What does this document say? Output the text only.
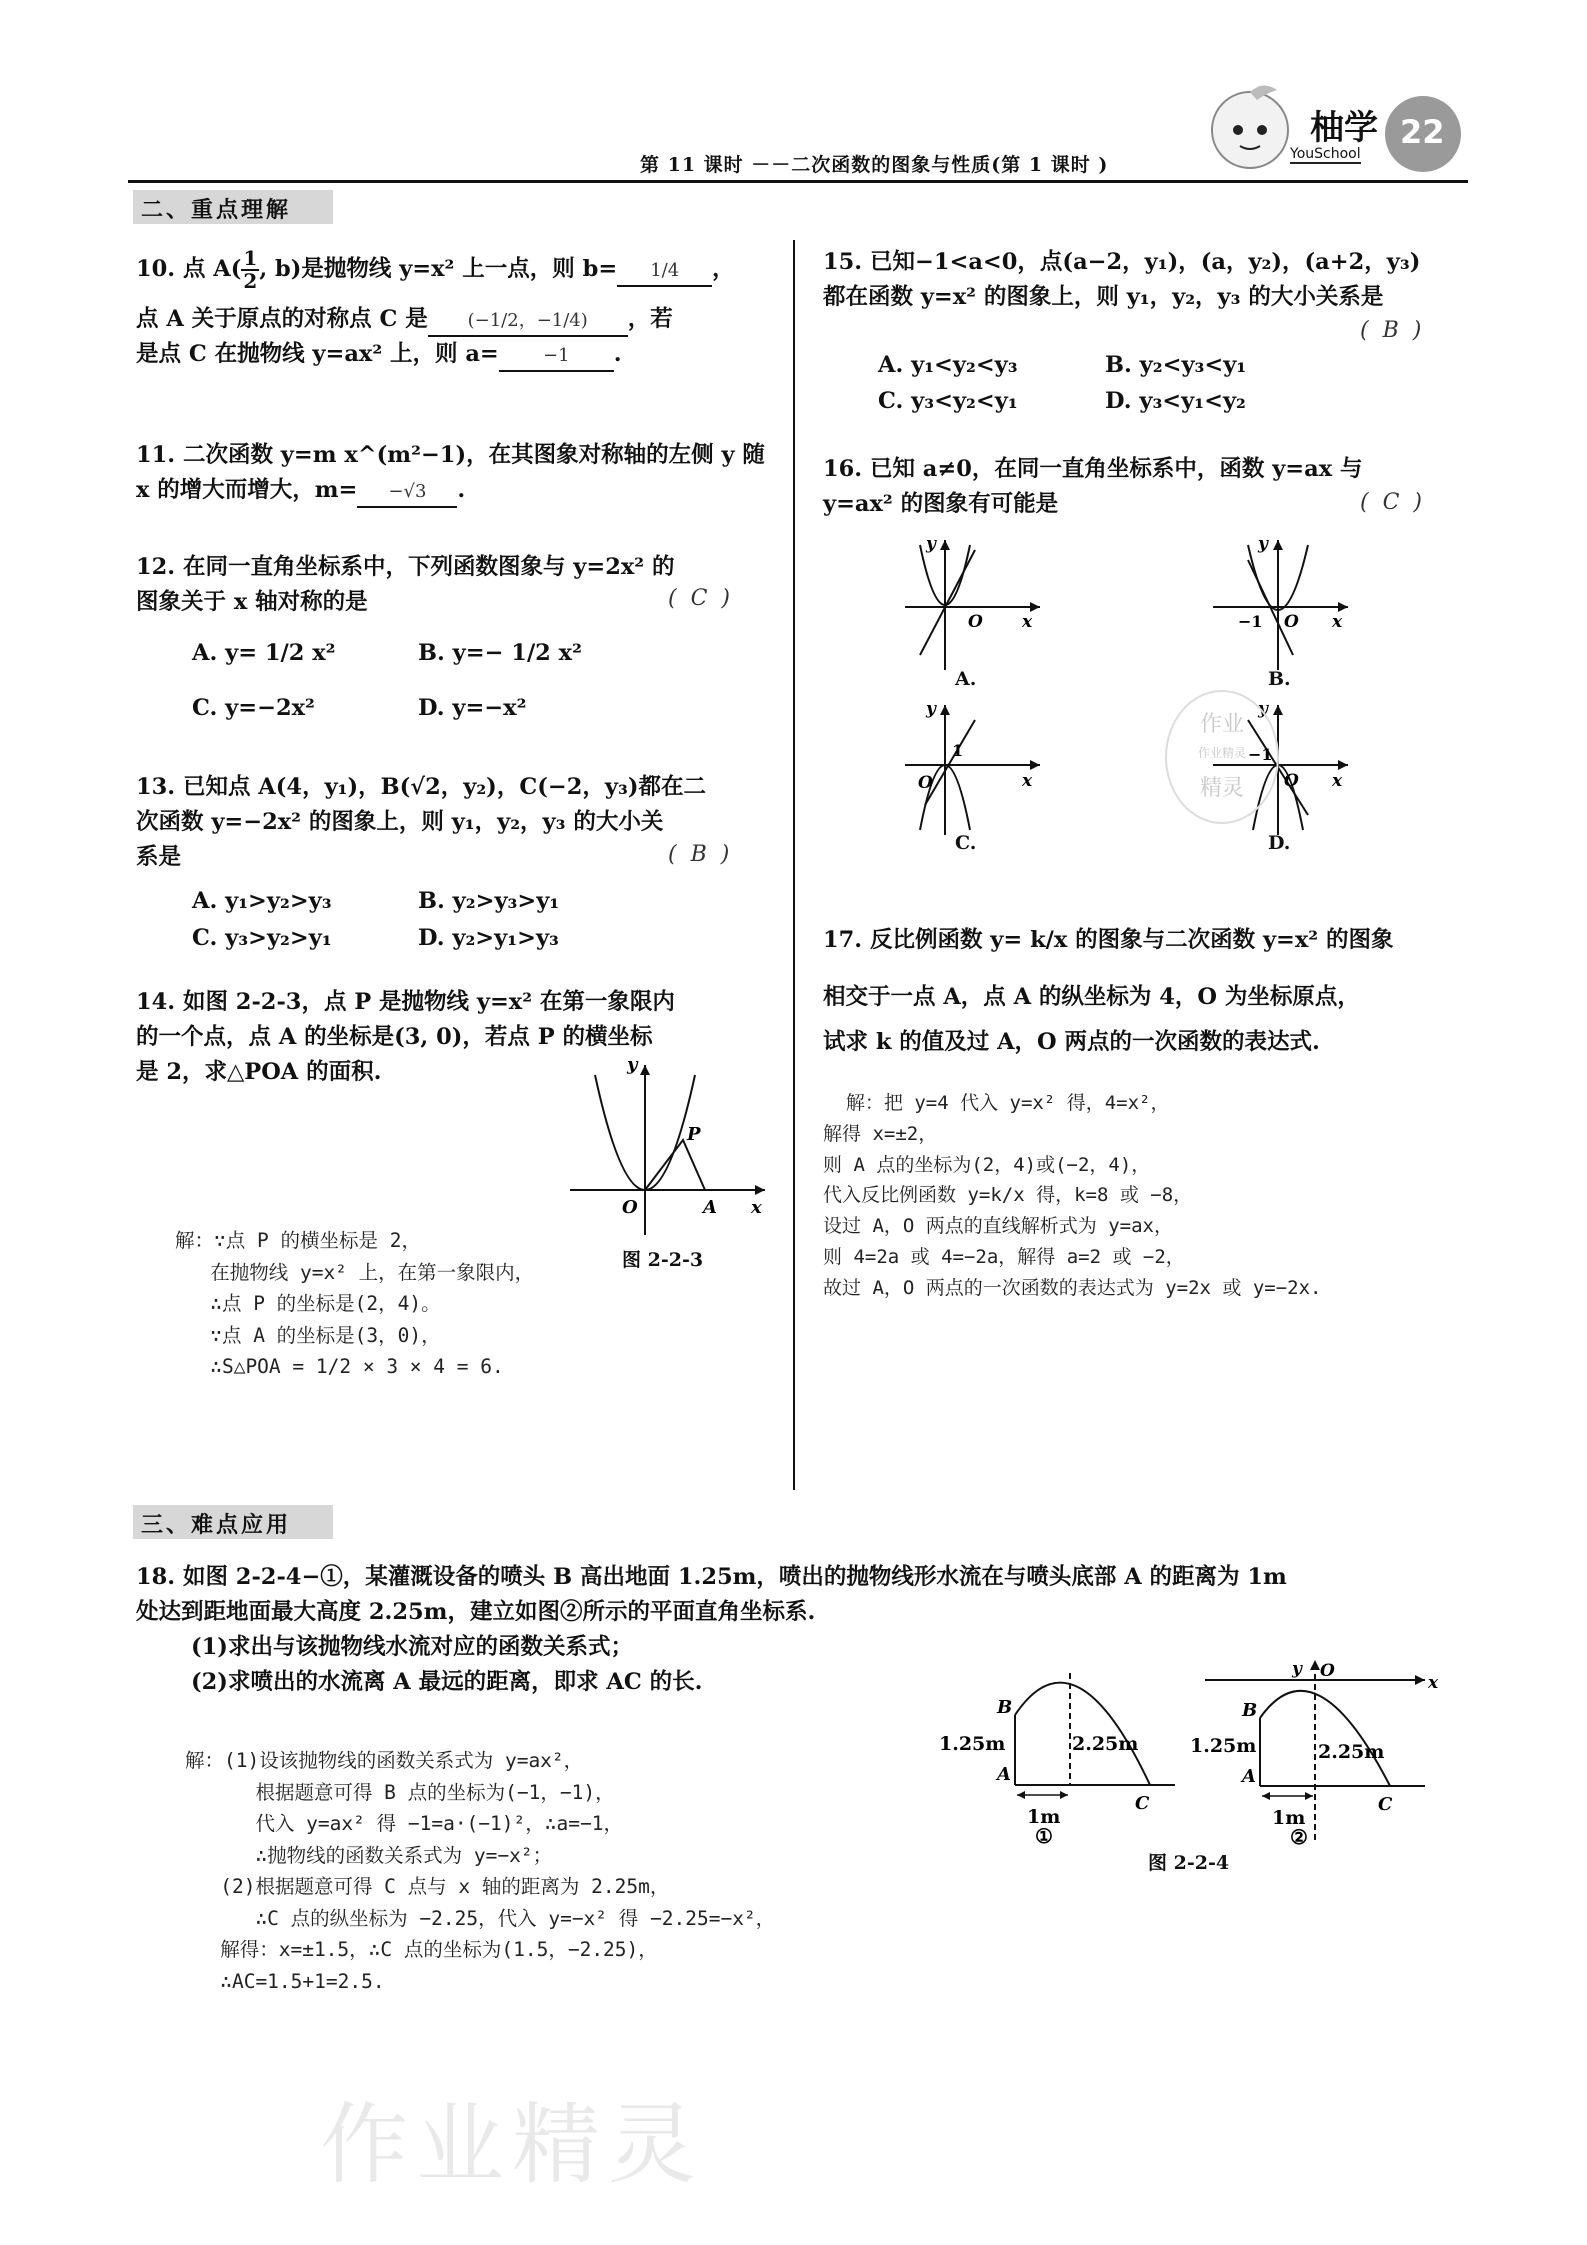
柚学
YouSchool
22
第 11 课时 －－二次函数的图象与性质(第 1 课时 )
二、重点理解

10. 点 $A( \frac{1}{2}$ , b)是抛物线 y=x² 上一点，则 b= 1/4 ，

点 A 关于原点的对称点 C 是 (−1/2，−1/4) ，若

是点 C 在抛物线 y=ax² 上，则 a= −1 .

11. 二次函数 y=m x^(m²−1)，在其图象对称轴的左侧 y 随

x 的增大而增大，m= −√3 .

12. 在同一直角坐标系中，下列函数图象与 y=2x² 的

图象关于 x 轴对称的是	(  C  )
A. y= 1/2 x²	B. y=− 1/2 x²
C. y=−2x²	D. y=−x²

13. 已知点 A(4，y₁)，B(√2，y₂)，C(−2，y₃)都在二

次函数 y=−2x² 的图象上，则 y₁，y₂，y₃ 的大小关

系是	(  B  )
A. y₁>y₂>y₃	B. y₂>y₃>y₁
C. y₃>y₂>y₁	D. y₂>y₁>y₃

14. 如图 2-2-3，点 P 是抛物线 y=x² 在第一象限内

的一个点，点 A 的坐标是(3, 0)，若点 P 的横坐标

是 2，求△POA 的面积.	y
P
O	A x
图 2-2-3
解：∵点 P 的横坐标是 2，
在抛物线 y=x² 上，在第一象限内，
∴点 P 的坐标是(2，4)。
∵点 A 的坐标是(3，0)，
∴S△POA = 1/2 × 3 × 4 = 6.

15. 已知−1<a<0，点(a−2，y₁)，(a，y₂)，(a+2，y₃)

都在函数 y=x² 的图象上，则 y₁，y₂，y₃ 的大小关系是

(  B  )
A. y₁<y₂<y₃	B. y₂<y₃<y₁
C. y₃<y₂<y₁	D. y₃<y₁<y₂

16. 已知 a≠0，在同一直角坐标系中，函数 y=ax 与

y=ax² 的图象有可能是	(  C  )
y
O x
A.
y
−1 O x
B.
y
1
O	x
C.
y
−1
O x
D.
作业
作业精灵
精灵

17. 反比例函数 y= k/x 的图象与二次函数 y=x² 的图象

相交于一点 A，点 A 的纵坐标为 4，O 为坐标原点，

试求 k 的值及过 A，O 两点的一次函数的表达式.

解：把 y=4 代入 y=x² 得，4=x²，
解得 x=±2，
则 A 点的坐标为(2，4)或(−2，4)，
代入反比例函数 y=k/x 得，k=8 或 −8，
设过 A，O 两点的直线解析式为 y=ax，
则 4=2a 或 4=−2a，解得 a=2 或 −2，
故过 A，O 两点的一次函数的表达式为 y=2x 或 y=−2x.
三、难点应用

18. 如图 2-2-4−①，某灌溉设备的喷头 B 高出地面 1.25m，喷出的抛物线形水流在与喷头底部 A 的距离为 1m

处达到距地面最大高度 2.25m，建立如图②所示的平面直角坐标系.

(1)求出与该抛物线水流对应的函数关系式；

(2)求喷出的水流离 A 最远的距离，即求 AC 的长.

解：(1)设该抛物线的函数关系式为 y=ax²，
根据题意可得 B 点的坐标为(−1，−1)，
代入 y=ax² 得 −1=a·(−1)²，∴a=−1，
∴抛物线的函数关系式为 y=−x²；
(2)根据题意可得 C 点与 x 轴的距离为 2.25m，
∴C 点的纵坐标为 −2.25，代入 y=−x² 得 −2.25=−x²，
解得：x=±1.5，∴C 点的坐标为(1.5，−2.25)，
∴AC=1.5+1=2.5.
B
A
C
1.25m	2.25m
1m
①
y O
x
B
A
C
1.25m	2.25m
1m
②
图 2-2-4
作业精灵
